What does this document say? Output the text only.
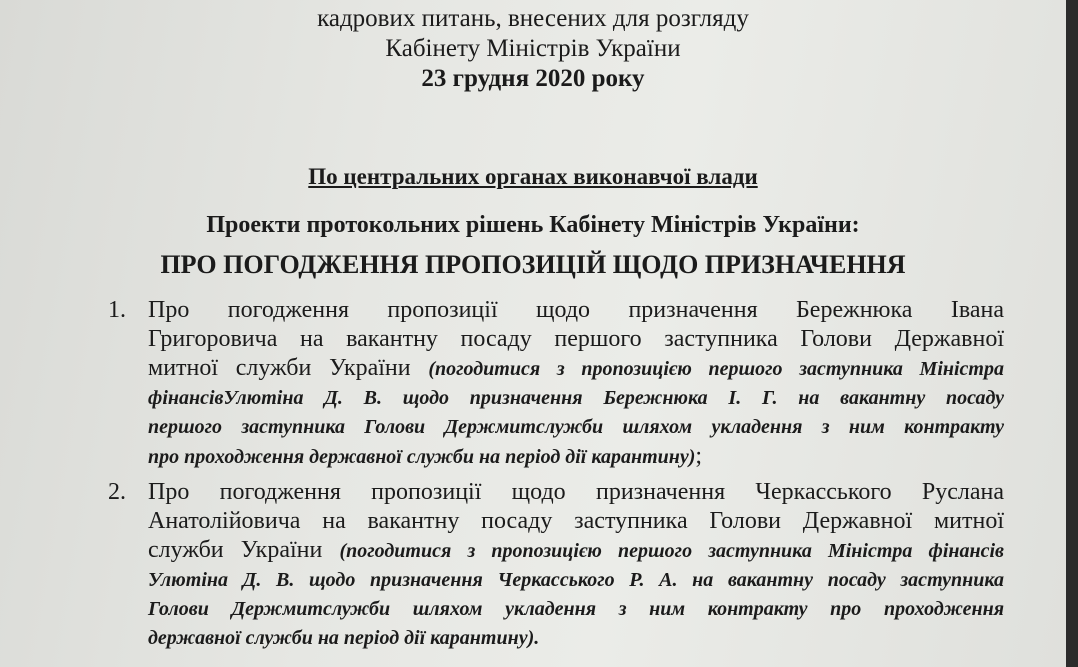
кадрових питань, внесених для розгляду
Кабінету Міністрів України
23 грудня 2020 року
По центральних органах виконавчої влади
Проекти протокольних рішень Кабінету Міністрів України:
ПРО ПОГОДЖЕННЯ ПРОПОЗИЦІЙ ЩОДО ПРИЗНАЧЕННЯ
1. Про погодження пропозиції щодо призначення Бережнюка Івана
Григоровича на вакантну посаду першого заступника Голови Державної
митної служби України (погодитися з пропозицією першого заступника Міністра
фінансівУлютіна Д. В. щодо призначення Бережнюка І. Г. на вакантну посаду
першого заступника Голови Держмитслужби шляхом укладення з ним контракту
про проходження державної служби на період дії карантину);
2. Про погодження пропозиції щодо призначення Черкасського Руслана
Анатолійовича на вакантну посаду заступника Голови Державної митної
служби України (погодитися з пропозицією першого заступника Міністра фінансів
Улютіна Д. В. щодо призначення Черкасського Р. А. на вакантну посаду заступника
Голови Держмитслужби шляхом укладення з ним контракту про проходження
державної служби на період дії карантину).
